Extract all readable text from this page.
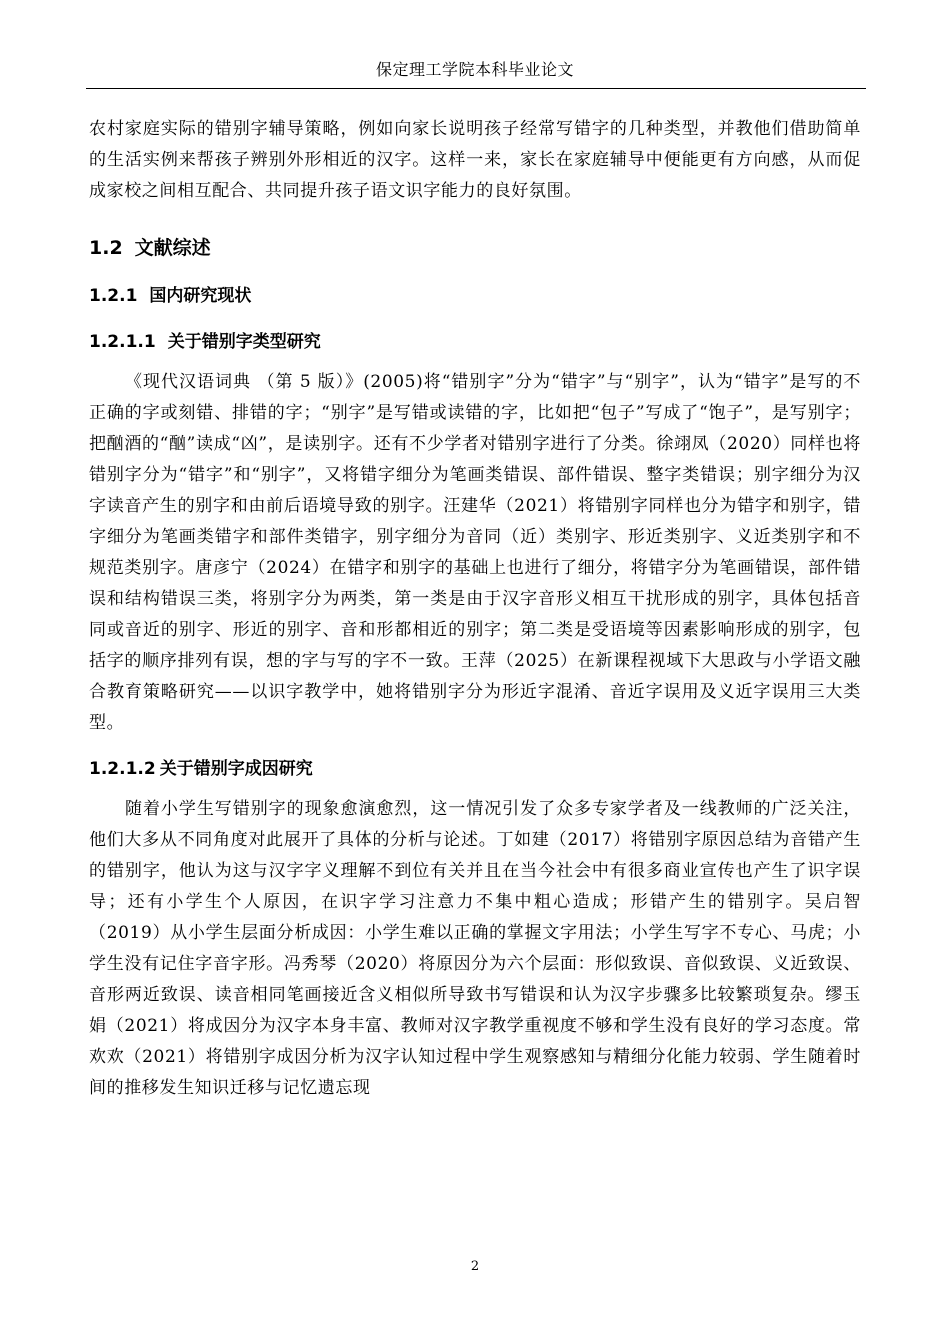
保定理工学院本科毕业论文

农村家庭实际的错别字辅导策略，例如向家长说明孩子经常写错字的几种类型，并教他们借助简单的生活实例来帮孩子辨别外形相近的汉字。这样一来，家长在家庭辅导中便能更有方向感，从而促成家校之间相互配合、共同提升孩子语文识字能力的良好氛围。

1.2 文献综述
1.2.1 国内研究现状
1.2.1.1 关于错别字类型研究

《现代汉语词典 （第 5 版）》(2005)将“错别字”分为“错字”与“别字”，认为“错字”是写的不正确的字或刻错、排错的字；“别字”是写错或读错的字，比如把“包子”写成了“饱子”，是写别字；把酗酒的“酗”读成“凶”，是读别字。还有不少学者对错别字进行了分类。徐翊凤（2020）同样也将错别字分为“错字”和“别字”，又将错字细分为笔画类错误、部件错误、整字类错误；别字细分为汉字读音产生的别字和由前后语境导致的别字。汪建华（2021）将错别字同样也分为错字和别字，错字细分为笔画类错字和部件类错字，别字细分为音同（近）类别字、形近类别字、义近类别字和不规范类别字。唐彦宁（2024）在错字和别字的基础上也进行了细分，将错字分为笔画错误，部件错误和结构错误三类，将别字分为两类，第一类是由于汉字音形义相互干扰形成的别字，具体包括音同或音近的别字、形近的别字、音和形都相近的别字；第二类是受语境等因素影响形成的别字，包括字的顺序排列有误，想的字与写的字不一致。王萍（2025）在新课程视域下大思政与小学语文融合教育策略研究——以识字教学中，她将错别字分为形近字混淆、音近字误用及义近字误用三大类型。

1.2.1.2 关于错别字成因研究

随着小学生写错别字的现象愈演愈烈，这一情况引发了众多专家学者及一线教师的广泛关注，他们大多从不同角度对此展开了具体的分析与论述。丁如建（2017）将错别字原因总结为音错产生的错别字，他认为这与汉字字义理解不到位有关并且在当今社会中有很多商业宣传也产生了识字误导；还有小学生个人原因，在识字学习注意力不集中粗心造成；形错产生的错别字。吴启智（2019）从小学生层面分析成因：小学生难以正确的掌握文字用法；小学生写字不专心、马虎；小学生没有记住字音字形。冯秀琴（2020）将原因分为六个层面：形似致误、音似致误、义近致误、音形两近致误、读音相同笔画接近含义相似所导致书写错误和认为汉字步骤多比较繁琐复杂。缪玉娟（2021）将成因分为汉字本身丰富、教师对汉字教学重视度不够和学生没有良好的学习态度。常欢欢（2021）将错别字成因分析为汉字认知过程中学生观察感知与精细分化能力较弱、学生随着时间的推移发生知识迁移与记忆遗忘现

2
